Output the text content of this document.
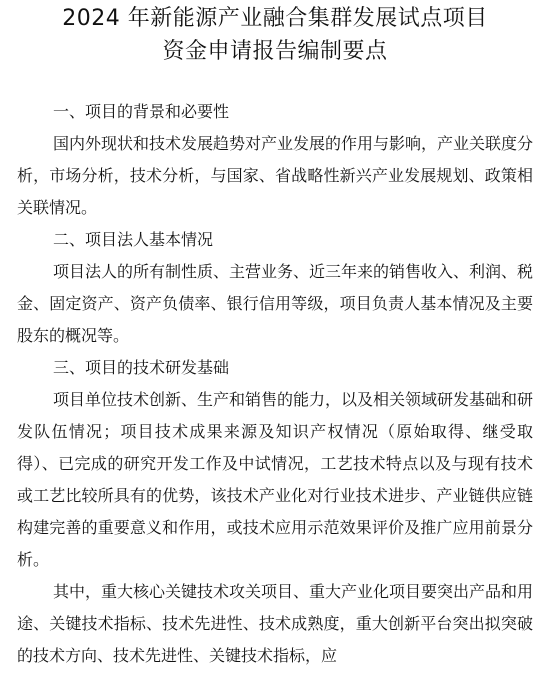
2024 年新能源产业融合集群发展试点项目
资金申请报告编制要点

一、项目的背景和必要性

国内外现状和技术发展趋势对产业发展的作用与影响，产业关联度分析，市场分析，技术分析，与国家、省战略性新兴产业发展规划、政策相关联情况。

二、项目法人基本情况

项目法人的所有制性质、主营业务、近三年来的销售收入、利润、税金、固定资产、资产负债率、银行信用等级，项目负责人基本情况及主要股东的概况等。

三、项目的技术研发基础

项目单位技术创新、生产和销售的能力，以及相关领域研发基础和研发队伍情况；项目技术成果来源及知识产权情况（原始取得、继受取得）、已完成的研究开发工作及中试情况，工艺技术特点以及与现有技术或工艺比较所具有的优势，该技术产业化对行业技术进步、产业链供应链构建完善的重要意义和作用，或技术应用示范效果评价及推广应用前景分析。

其中，重大核心关键技术攻关项目、重大产业化项目要突出产品和用途、关键技术指标、技术先进性、技术成熟度，重大创新平台突出拟突破的技术方向、技术先进性、关键技术指标，应
